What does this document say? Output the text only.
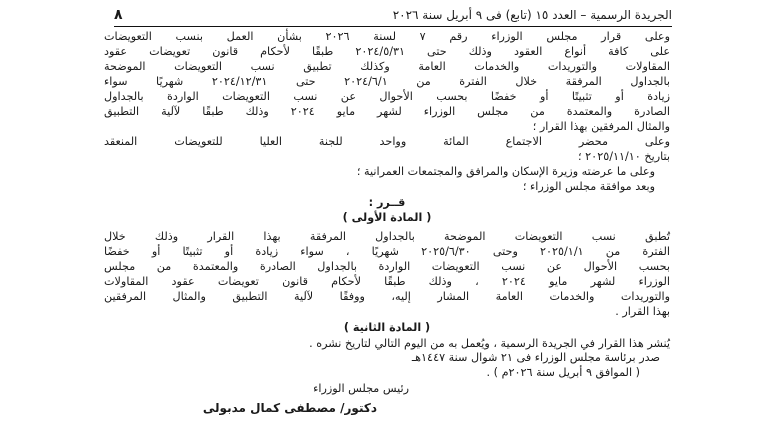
٨	الجريدة الرسمية – العدد ١٥ (تابع) فى ٩ أبريل سنة ٢٠٢٦
وعلى قرار مجلس الوزراء رقم ٧ لسنة ٢٠٢٦ بشأن العمل بنسب التعويضات
على كافة أنواع العقود وذلك حتى ٢٠٢٤/٥/٣١ طبقًا لأحكام قانون تعويضات عقود
المقاولات والتوريدات والخدمات العامة وكذلك تطبيق نسب التعويضات الموضحة
بالجداول المرفقة خلال الفترة من ٢٠٢٤/٦/١ حتى ٢٠٢٤/١٢/٣١ شهريًا سواء
زيادة أو تثبيتًا أو خفضًا بحسب الأحوال عن نسب التعويضات الواردة بالجداول
الصادرة والمعتمدة من مجلس الوزراء لشهر مايو ٢٠٢٤ وذلك طبقًا لآلية التطبيق
والمثال المرفقين بهذا القرار ؛
وعلى محضر الاجتماع المائة وواحد للجنة العليا للتعويضات المنعقد
بتاريخ ٢٠٢٥/١١/١٠ ؛
وعلى ما عرضته وزيرة الإسكان والمرافق والمجتمعات العمرانية ؛
وبعد موافقة مجلس الوزراء ؛
قــرر :
( المادة الأولى )
تُطبق نسب التعويضات الموضحة بالجداول المرفقة بهذا القرار وذلك خلال
الفترة من ٢٠٢٥/١/١ وحتى ٢٠٢٥/٦/٣٠ شهريًا ، سواء زيادة أو تثبيتًا أو خفضًا
بحسب الأحوال عن نسب التعويضات الواردة بالجداول الصادرة والمعتمدة من مجلس
الوزراء لشهر مايو ٢٠٢٤ ، وذلك طبقًا لأحكام قانون تعويضات عقود المقاولات
والتوريدات والخدمات العامة المشار إليه، ووفقًا لآلية التطبيق والمثال المرفقين
بهذا القرار .
( المادة الثانية )
يُنشر هذا القرار في الجريدة الرسمية ، ويُعمل به من اليوم التالي لتاريخ نشره .
صدر برئاسة مجلس الوزراء فى ٢١ شوال سنة ١٤٤٧هـ
( الموافق ٩ أبريل سنة ٢٠٢٦م ) .
رئيس مجلس الوزراء
دكتور/ مصطفى كمال مدبولى
